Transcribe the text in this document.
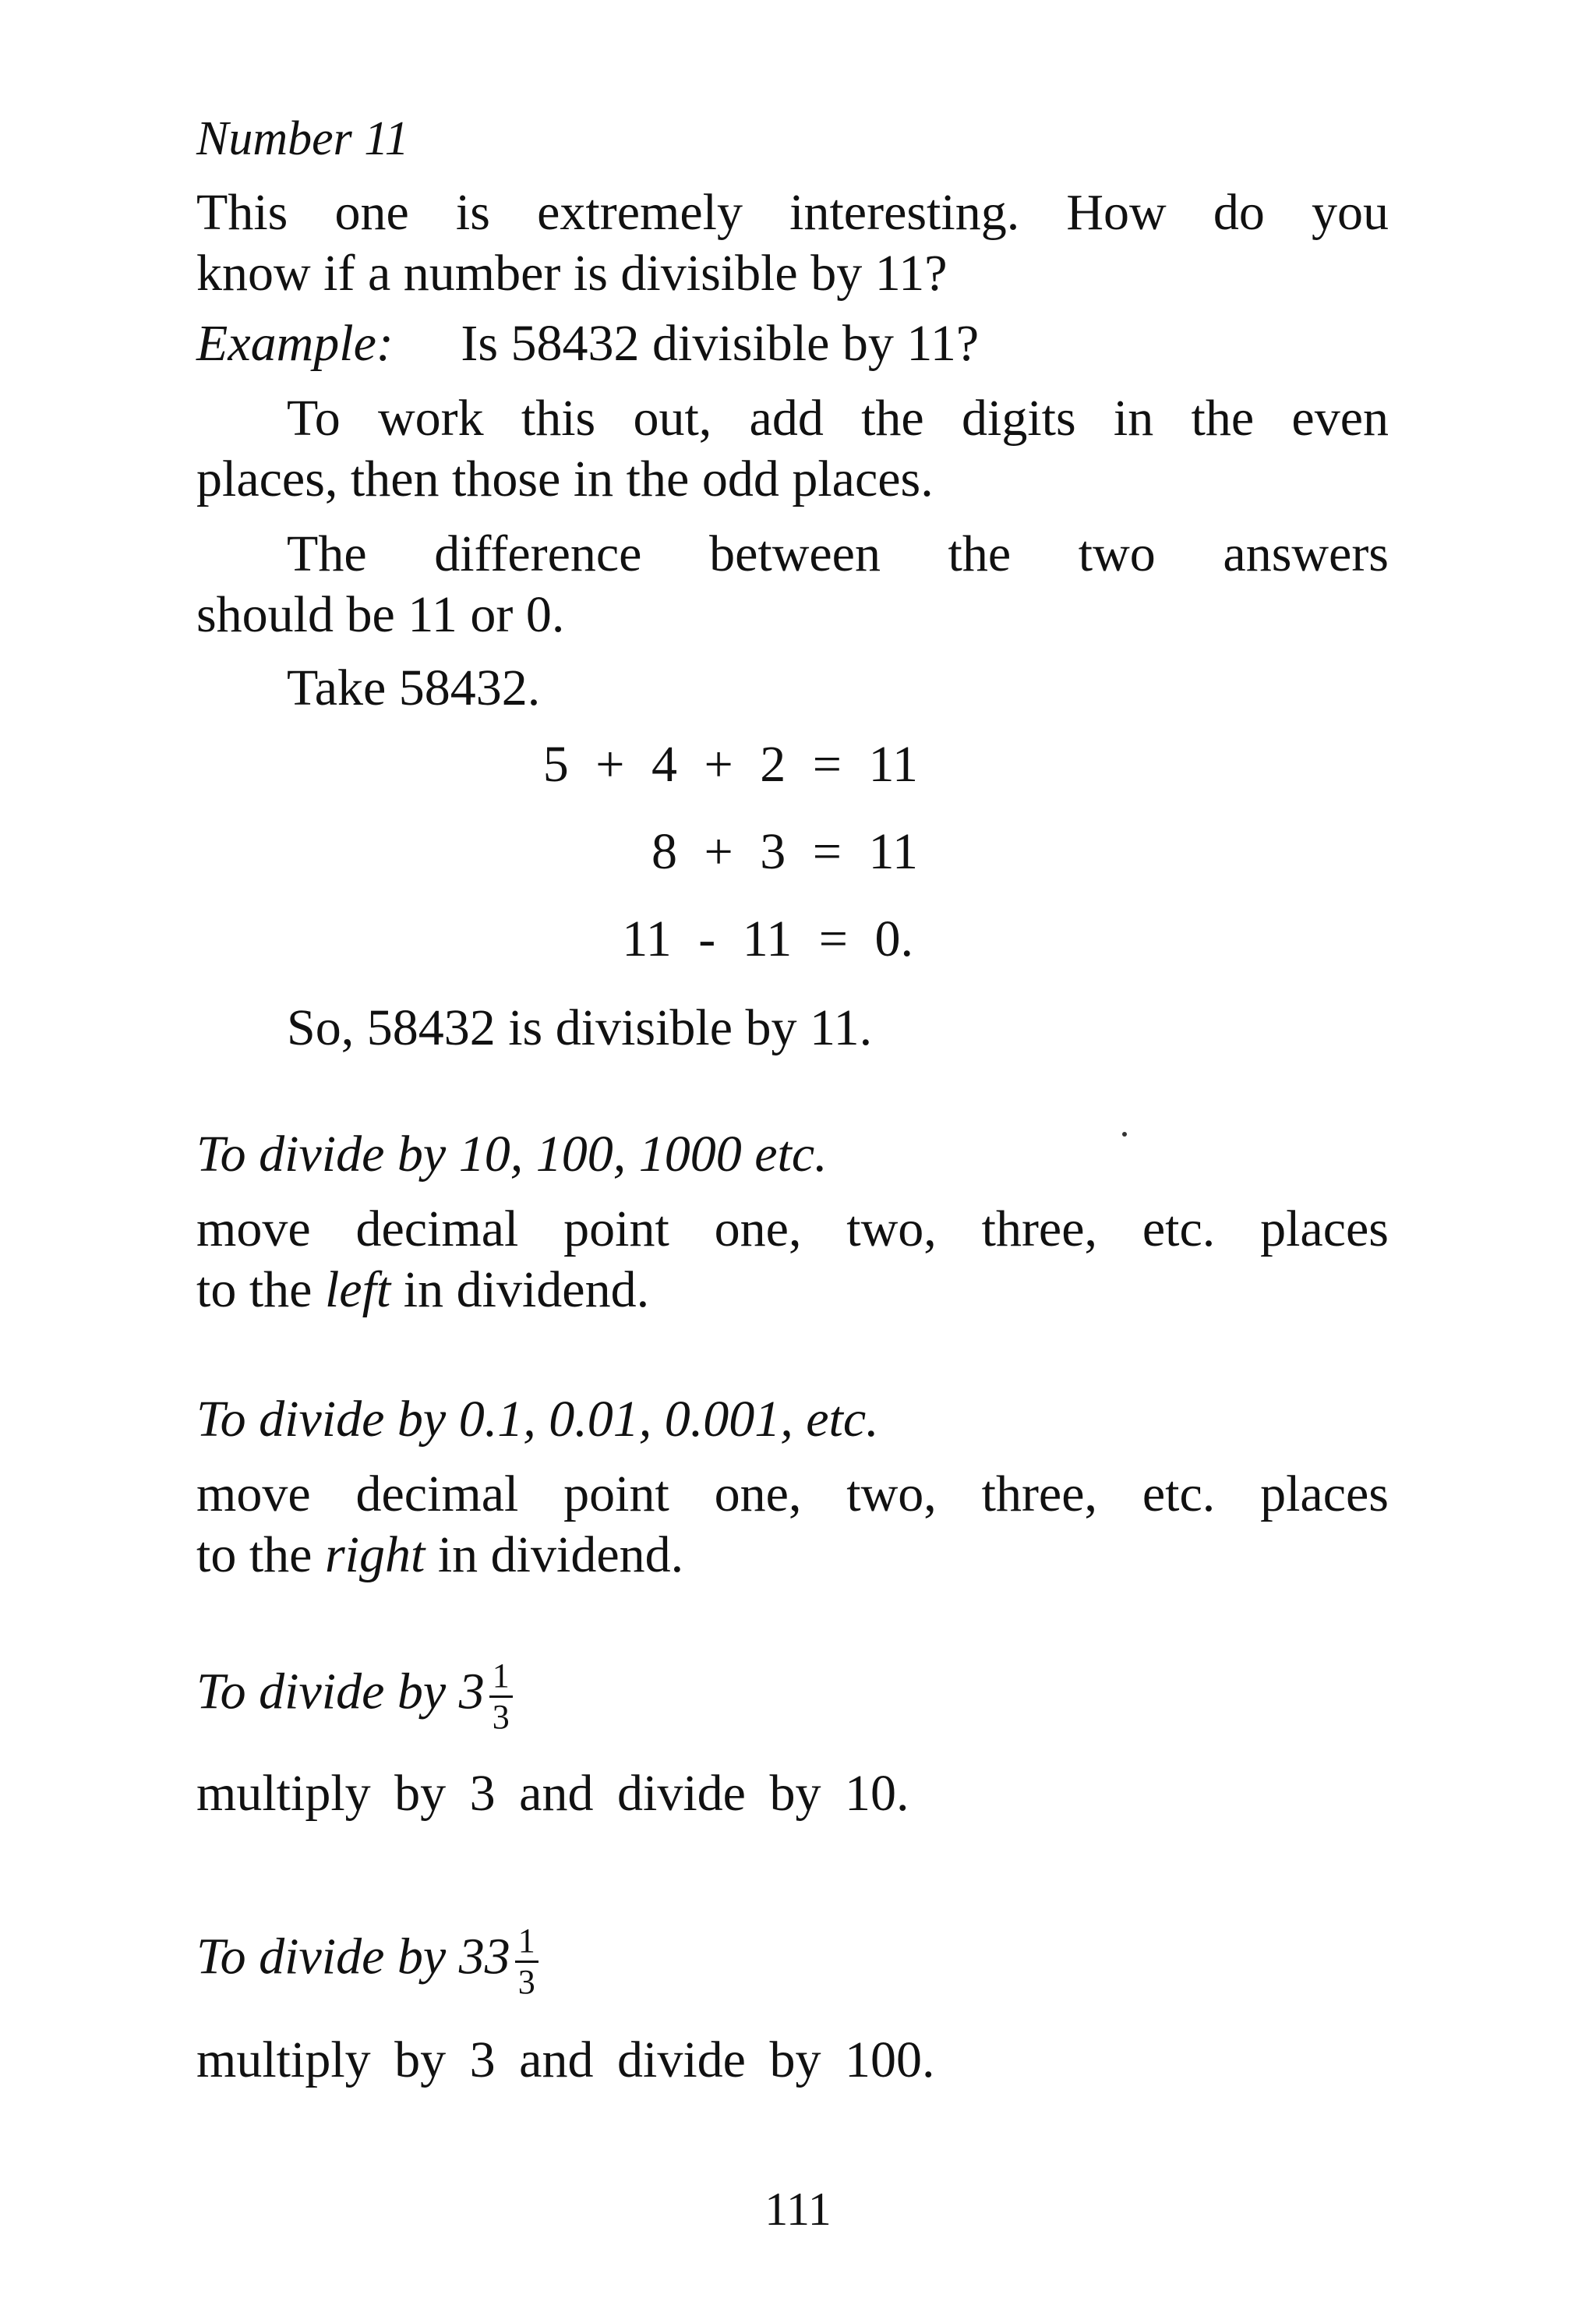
Number 11

This one is extremely interesting. How do you

know if a number is divisible by 11?

Example: Is 58432 divisible by 11?

To work this out, add the digits in the even

places, then those in the odd places.

The difference between the two answers

should be 11 or 0.

Take 58432.
5 + 4 + 2 = 11
8 + 3 = 11
11 - 11 = 0.
So, 58432 is divisible by 11.
To divide by 10, 100, 1000 etc.

move decimal point one, two, three, etc. places

to the left in dividend.

To divide by 0.1, 0.01, 0.001, etc.

move decimal point one, two, three, etc. places

to the right in dividend.

To divide by $3 \frac{1}{3}$
multiply by 3 and divide by 10.
To divide by $33 \frac{1}{3}$
multiply by 3 and divide by 100.
111
